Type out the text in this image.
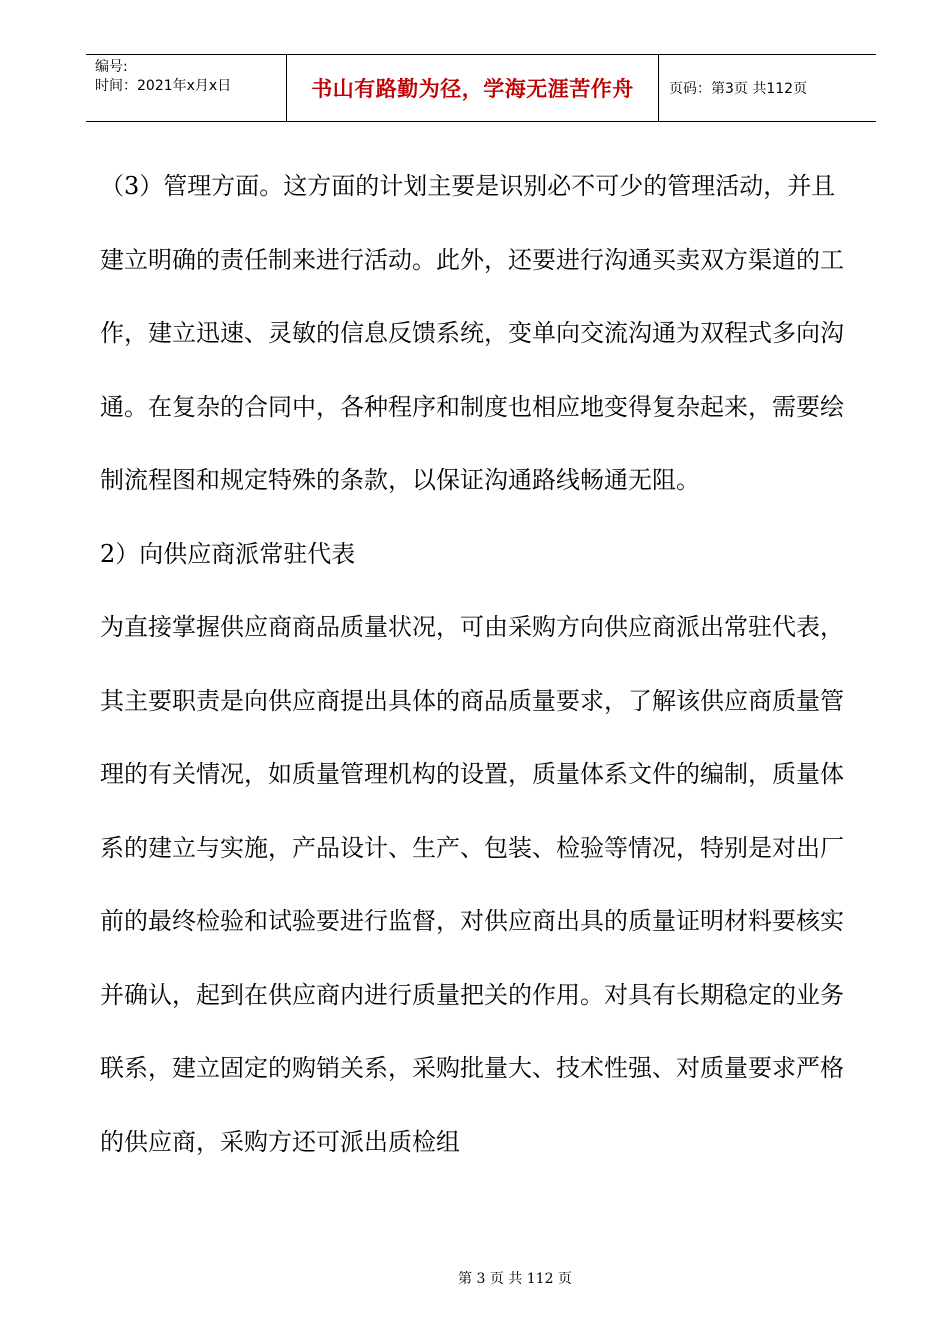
编号:
时间：2021年x月x日	书山有路勤为径，学海无涯苦作舟	页码：第3页 共112页

（3）管理方面。这方面的计划主要是识别必不可少的管理活动，并且建立明确的责任制来进行活动。此外，还要进行沟通买卖双方渠道的工作，建立迅速、灵敏的信息反馈系统，变单向交流沟通为双程式多向沟通。在复杂的合同中，各种程序和制度也相应地变得复杂起来，需要绘制流程图和规定特殊的条款，以保证沟通路线畅通无阻。

2）向供应商派常驻代表

为直接掌握供应商商品质量状况，可由采购方向供应商派出常驻代表，其主要职责是向供应商提出具体的商品质量要求，了解该供应商质量管理的有关情况，如质量管理机构的设置，质量体系文件的编制，质量体系的建立与实施，产品设计、生产、包装、检验等情况，特别是对出厂前的最终检验和试验要进行监督，对供应商出具的质量证明材料要核实并确认，起到在供应商内进行质量把关的作用。对具有长期稳定的业务联系，建立固定的购销关系，采购批量大、技术性强、对质量要求严格的供应商，采购方还可派出质检组

第 3 页 共 112 页
